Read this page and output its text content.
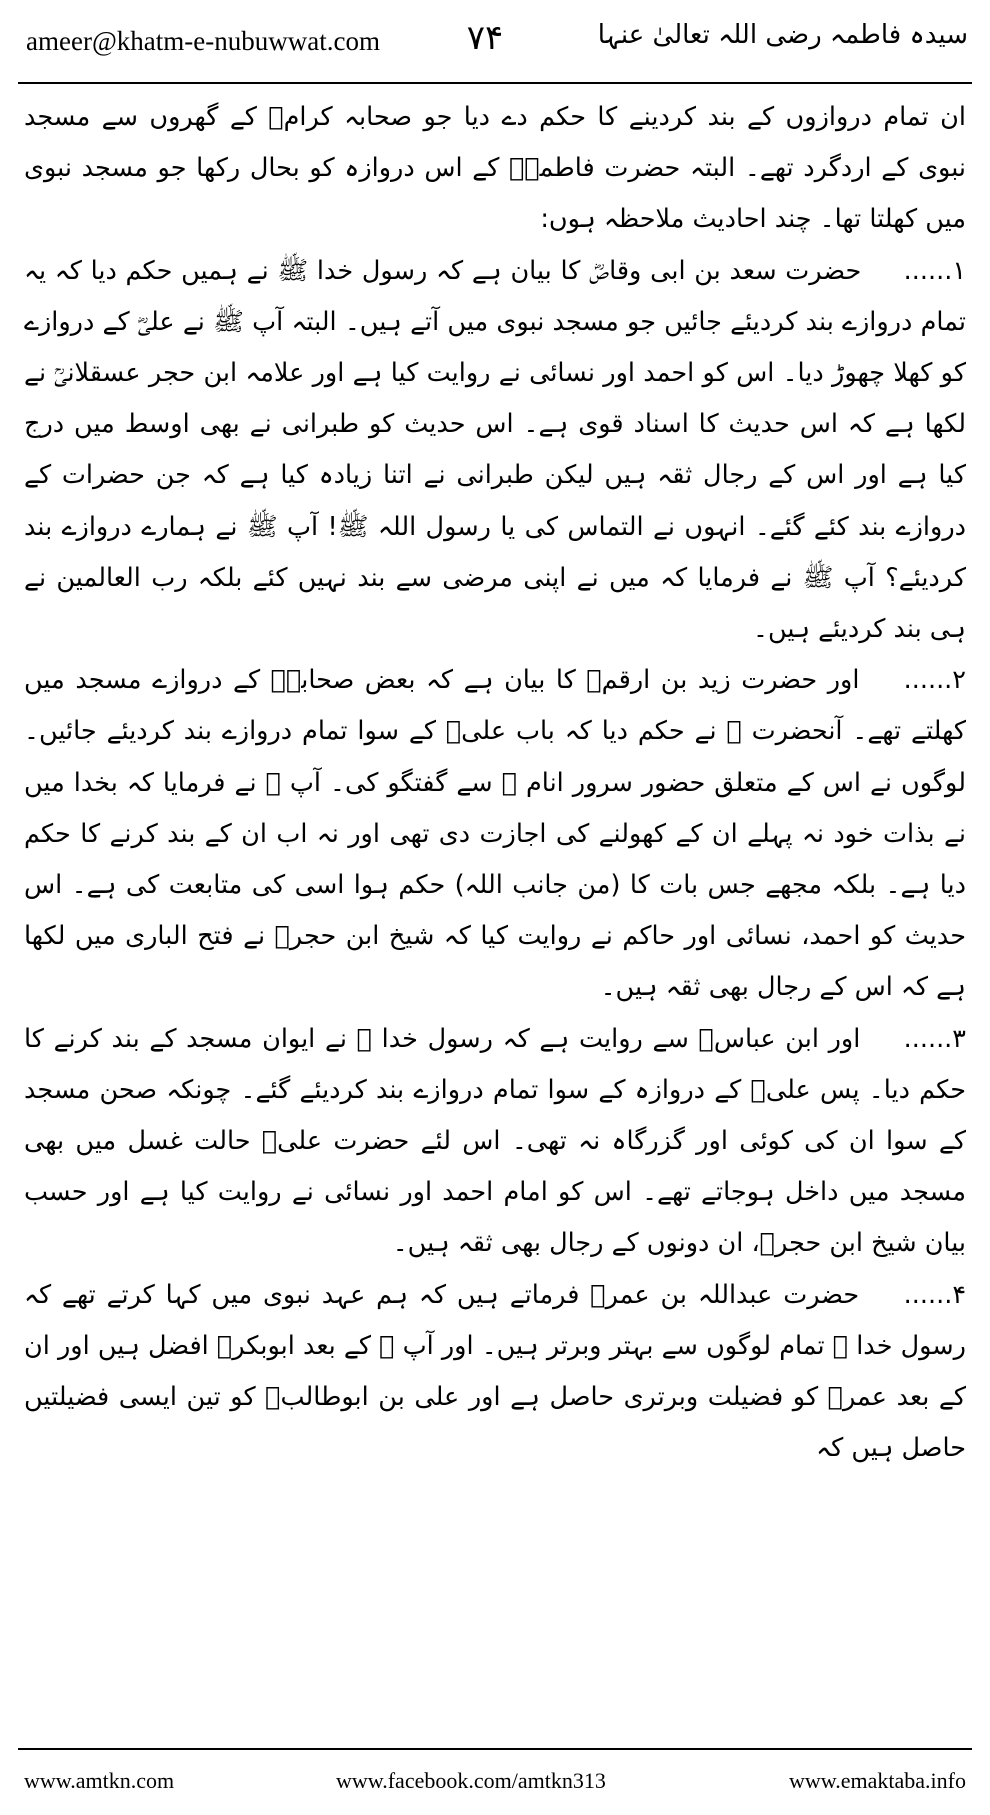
ameer@khatm-e-nubuwwat.com	۷۴	سیدہ فاطمہ رضی اللہ تعالیٰ عنہا

ان تمام دروازوں کے بند کردینے کا حکم دے دیا جو صحابہ کرامؓ کے گھروں سے مسجد نبوی کے اردگرد تھے۔ البتہ حضرت فاطمہؓ کے اس دروازہ کو بحال رکھا جو مسجد نبوی میں کھلتا تھا۔ چند احادیث ملاحظہ ہوں:

۱...... حضرت سعد بن ابی وقاصؓ کا بیان ہے کہ رسول خدا ﷺ نے ہمیں حکم دیا کہ یہ تمام دروازے بند کردیئے جائیں جو مسجد نبوی میں آتے ہیں۔ البتہ آپ ﷺ نے علیؓ کے دروازے کو کھلا چھوڑ دیا۔ اس کو احمد اور نسائی نے روایت کیا ہے اور علامہ ابن حجر عسقلانیؒ نے لکھا ہے کہ اس حدیث کا اسناد قوی ہے۔ اس حدیث کو طبرانی نے بھی اوسط میں درج کیا ہے اور اس کے رجال ثقہ ہیں لیکن طبرانی نے اتنا زیادہ کیا ہے کہ جن حضرات کے دروازے بند کئے گئے۔ انہوں نے التماس کی یا رسول اللہ ﷺ! آپ ﷺ نے ہمارے دروازے بند کردیئے؟ آپ ﷺ نے فرمایا کہ میں نے اپنی مرضی سے بند نہیں کئے بلکہ رب العالمین نے ہی بند کردیئے ہیں۔

۲...... اور حضرت زید بن ارقمؓ کا بیان ہے کہ بعض صحابہؓ کے دروازے مسجد میں کھلتے تھے۔ آنحضرت ﷺ نے حکم دیا کہ باب علیؓ کے سوا تمام دروازے بند کردیئے جائیں۔ لوگوں نے اس کے متعلق حضور سرور انام ﷺ سے گفتگو کی۔ آپ ﷺ نے فرمایا کہ بخدا میں نے بذات خود نہ پہلے ان کے کھولنے کی اجازت دی تھی اور نہ اب ان کے بند کرنے کا حکم دیا ہے۔ بلکہ مجھے جس بات کا (من جانب اللہ) حکم ہوا اسی کی متابعت کی ہے۔ اس حدیث کو احمد، نسائی اور حاکم نے روایت کیا کہ شیخ ابن حجرؒ نے فتح الباری میں لکھا ہے کہ اس کے رجال بھی ثقہ ہیں۔

۳...... اور ابن عباسؓ سے روایت ہے کہ رسول خدا ﷺ نے ایوان مسجد کے بند کرنے کا حکم دیا۔ پس علیؓ کے دروازہ کے سوا تمام دروازے بند کردیئے گئے۔ چونکہ صحن مسجد کے سوا ان کی کوئی اور گزرگاہ نہ تھی۔ اس لئے حضرت علیؓ حالت غسل میں بھی مسجد میں داخل ہوجاتے تھے۔ اس کو امام احمد اور نسائی نے روایت کیا ہے اور حسب بیان شیخ ابن حجرؒ، ان دونوں کے رجال بھی ثقہ ہیں۔

۴...... حضرت عبداللہ بن عمرؓ فرماتے ہیں کہ ہم عہد نبوی میں کہا کرتے تھے کہ رسول خدا ﷺ تمام لوگوں سے بہتر وبرتر ہیں۔ اور آپ ﷺ کے بعد ابوبکرؓ افضل ہیں اور ان کے بعد عمرؓ کو فضیلت وبرتری حاصل ہے اور علی بن ابوطالبؓ کو تین ایسی فضیلتیں حاصل ہیں کہ

www.amtkn.com	www.facebook.com/amtkn313	www.emaktaba.info
